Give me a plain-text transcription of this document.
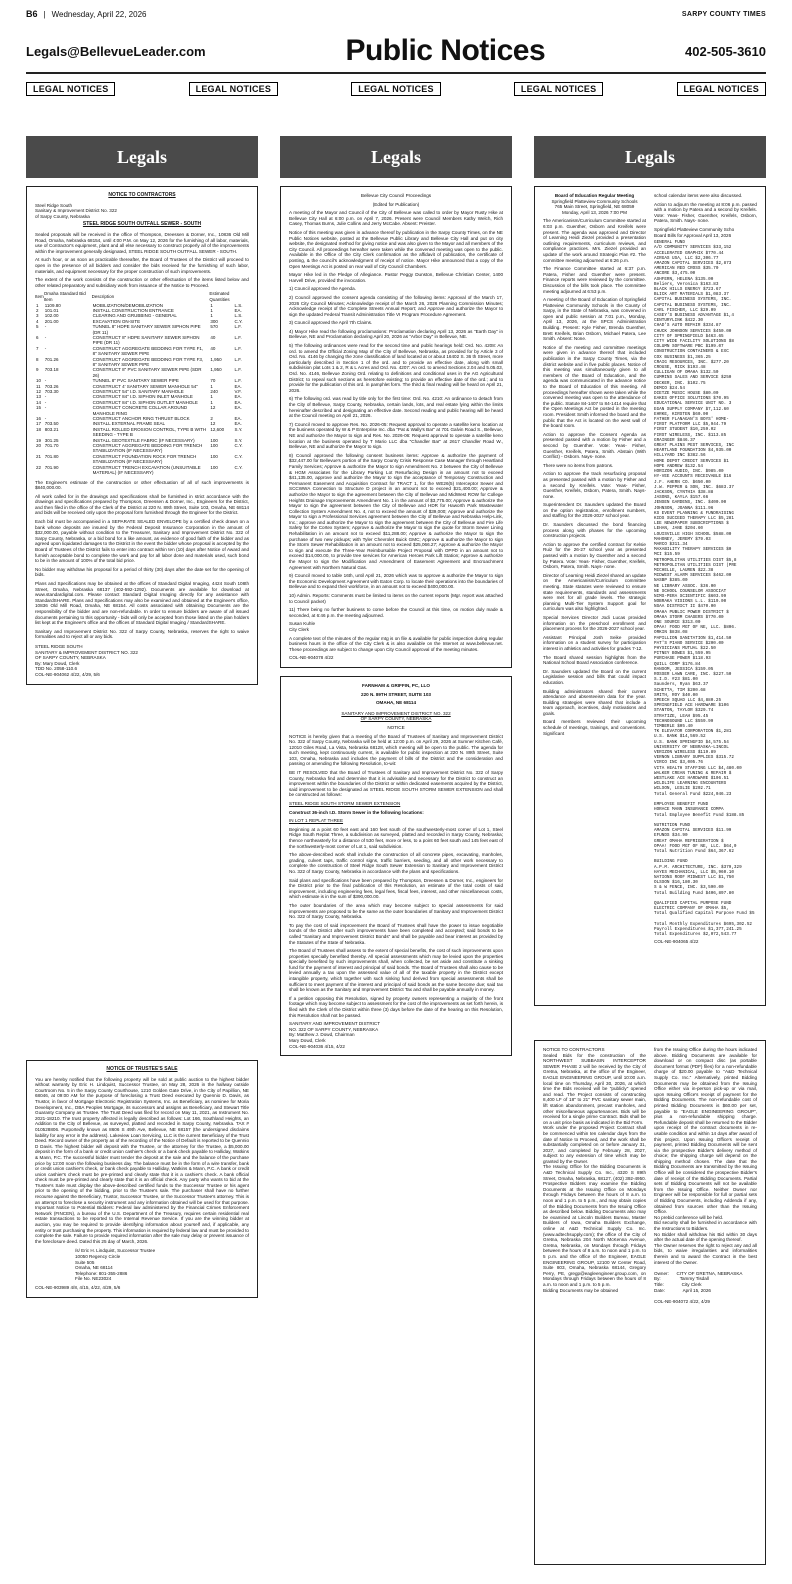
B6 | Wednesday, April 22, 2026	SARPY COUNTY TIMES
Legals@BellevueLeader.com	Public Notices	402-505-3610
LEGAL NOTICES	LEGAL NOTICES	LEGAL NOTICES	LEGAL NOTICES	LEGAL NOTICES
Legals
NOTICE TO CONTRACTORS
Steel Ridge South
Sanitary & Improvement District No. 322
of Sarpy County, Nebraska
STEEL RIDGE SOUTH OUTFALL SEWER - SOUTH

Sealed proposals will be received in the office of Thompson, Dreessen & Dorner, Inc., 10836 Old Mill Road, Omaha, Nebraska 68154, until 4:00 P.M. on May 12, 2026 for the furnishing of all labor, materials, use of Contractor's equipment, plant and all else necessary to construct properly all of the improvements within the improvement generally designated, STEEL RIDGE SOUTH OUTFALL SEWER - SOUTH.

At such hour, or as soon as practicable thereafter, the Board of Trustees of the District will proceed to open in the presence of all bidders and consider the bids received for the furnishing of such labor, materials, and equipment necessary for the proper construction of such improvements.

The extent of the work consists of the construction or other effectuation of the items listed below and other related preparatory and subsidiary work from issuance of the Notice to Proceed.

Item	Omaha Standard Bid Item	Description	Estimated Quantities	
1	1109.80	MOBILIZATION/DEMOBILIZATION	1	L.S.
2	101.01	INSTALL CONSTRUCTION ENTRANCE	1	EA.
3	102.00	CLEARING AND GRUBBING - GENERAL	1	L.S.
4	201.00	EXCAVATION ON-SITE	300	C.Y.
5	-	TUNNEL 8" HDPE SANITARY SEWER SIPHON PIPE (DR 11)	570	L.F.
6	-	CONSTRUCT 8" HDPE SANITARY SEWER SIPHON PIPE (DR 11)	40	L.F.
7	-	CONSTRUCT AGGREGATE BEDDING FOR TYPE F1, 8" SANITARY SEWER PIPE	40	L.F.
8	701.26	CONSTRUCT AGGREGATE BEDDING FOR TYPE F3, 8" SANITARY SEWER PIPE	1,950	L.F.
9	703.18	CONSTRUCT 8" PVC SANITARY SEWER PIPE (SDR 26)	1,950	L.F.
10	-	TUNNEL 8" PVC SANITARY SEWER PIPE	70	L.F.
11	703.26	CONSTRUCT 4' SANITARY SEWER MANHOLE 54"	1	EA.
12	703.30	CONSTRUCT 54" I.D. SANITARY MANHOLE	240	V.F.
13	-	CONSTRUCT 84" I.D. SIPHON INLET MANHOLE	1	EA.
14	-	CONSTRUCT 84" I.D. SIPHON OUTLET MANHOLE	1	EA.
15	-	CONSTRUCT CONCRETE COLLAR AROUND MANHOLE RING	12	EA.
16	-	CONSTRUCT ANCHOR RING THRUST BLOCK	2	EA.
17	703.50	INSTALL EXTERNAL FRAME SEAL	12	EA.
18	803.21	INSTALL ROLLED EROSION CONTROL, TYPE B WITH SEEDING - TYPE B	12,600	S.Y.
19	301.25	INSTALL GEOTEXTILE FABRIC (IF NECESSARY)	100	S.Y.
20	701.70	CONSTRUCT AGGREGATE BEDDING FOR TRENCH STABILIZATION (IF NECESSARY)	100	C.Y.
21	701.80	CONSTRUCT FOUNDATION ROCK FOR TRENCH STABILIZATION (IF NECESSARY)	100	C.Y.
22	701.90	CONSTRUCT TRENCH EXCAVATION (UNSUITABLE MATERIAL) (IF NECESSARY)	100	C.Y.

The Engineer's estimate of the construction or other effectuation of all of such improvements is $840,000.00.

All work called for in the drawings and specifications shall be furnished in strict accordance with the drawings and specifications prepared by Thompson, Dreessen & Dorner, Inc., Engineers for the District, and then filed in the office of the Clerk of the District at 220 N. 89th Street, Suite 103, Omaha, NE 68114 and bids will be received only upon the proposal form furnished through the Engineer for the District.

Each bid must be accompanied in a SEPARATE SEALED ENVELOPE by a certified check drawn on a bank whose deposits are insured by the Federal Deposit Insurance Corporation in the amount of $32,000.00, payable without condition to the Treasurer, Sanitary and Improvement District No. 322 of Sarpy County, Nebraska, or a bid bond for a like amount, as evidence of good faith of the bidder and as agreed upon liquidated damages to the District in the event the bidder whose proposal is accepted by the Board of Trustees of the District fails to enter into contract within ten (10) days after Notice of Award and furnish acceptable bond to complete the work and pay for all labor done and materials used, such bond to be in the amount of 100% of the total bid price.

No bidder may withdraw his proposal for a period of thirty (30) days after the date set for the opening of bids.

Plans and Specifications may be obtained at the offices of Standard Digital Imaging, 4424 South 108th Street, Omaha, Nebraska 68137 (402-592-1292). Documents are available for download at www.standardigital.com. Please contact Standard Digital Imaging directly for any assistance with StandardSHARE. Plans and Specifications may also be examined and obtained at the Engineer's office, 10836 Old Mill Road, Omaha, NE 68154. All costs associated with obtaining Documents are the responsibility of the bidder and are non-refundable. In order to ensure bidders are aware of all issued documents pertaining to this opportunity - bids will only be accepted from those listed on the plan holders list kept at the Engineer's office and the offices of Standard Digital Imaging / StandardSHARE.

Sanitary and Improvement District No. 322 of Sarpy County, Nebraska, reserves the right to waive formalities and to reject all or any bids.

STEEL RIDGE SOUTH
SANITARY & IMPROVEMENT DISTRICT NO. 322
OF SARPY COUNTY, NEBRASKA
By: Mary Dowd, Clerk
TDD No. 2058-110.6
COL-NE-904062 4/22, 4/29, 5/6
NOTICE OF TRUSTEE'S SALE

You are hereby notified that the following property will be sold at public auction to the highest bidder without warranty by Eric H. Lindquist, Successor Trustee, on May 28, 2026 in the hallway outside Courtroom No. 5 in the Sarpy County Courthouse, 1210 Golden Gate Drive, in the City of Papillion, NE 68046, at 09:00 AM for the purpose of foreclosing a Trust Deed executed by Quennio D. Davis, as Trustor, in favor of Mortgage Electronic Registration Systems, Inc. as Beneficiary, as nominee for Moria Development, Inc., DBA Peoples Mortgage, its successors and assigns as Beneficiary, and Stewart Title Guaranty Company as Trustee. The Trust Deed was filed for record on May 11, 2021, as Instrument No. 2021-18210. The trust property affected is legally described as follows: Lot 166, Southland Heights, an Addition to the City of Bellevue, as surveyed, platted and recorded in Sarpy County, Nebraska. TAX # 010528806. Purportedly known as 8606 S 49th Ave, Bellevue, NE 68157 (the undersigned disclaims liability for any error in the address). Lakeview Loan Servicing, LLC is the current Beneficiary of the Trust Deed. Record owner of the property as of the recording of the Notice of Default is reported to be Quennio D Davis. The highest bidder will deposit with the Trustee, or the attorney for the Trustee, a $5,000.00 deposit in the form of a bank or credit union cashier's check or a bank check payable to Halliday, Watkins & Mann, P.C. The successful bidder must tender the deposit at the sale and the balance of the purchase price by 12:00 noon the following business day. The balance must be in the form of a wire transfer, bank or credit union cashier's check, or bank check payable to Halliday, Watkins & Mann, P.C. A bank or credit union cashier's check must be pre-printed and clearly state that it is a cashier's check. A bank official check must be pre-printed and clearly state that it is an official check. Any party who wants to bid at the Trustee's Sale must display the above-described certified funds to the Successor Trustee or his agent prior to the opening of the bidding, prior to the Trustee's sale. The purchaser shall have no further recourse against the Beneficiary, Trustor, Successor Trustee, or the Successor Trustee's attorney. This is an attempt to foreclose a security instrument and any information obtained will be used for that purpose. Important Notice to Potential Bidders: Federal law administered by the Financial Crimes Enforcement Network (FINCEN), a bureau of the U.S. Department of the Treasury, requires certain residential real estate transactions to be reported to the Internal Revenue Service. If you are the winning bidder at auction, you may be required to provide identifying information about yourself and, if applicable, any entity or trust purchasing the property. This information is required by federal law and must be provided to complete the sale. Failure to provide required information after the sale may delay or prevent issuance of the foreclosure deed. Dated this 25 day of March, 2026.

/s/ Eric H. Lindquist, Successor Trustee
10050 Regency Circle
Suite 505
Omaha, NE 68114
Telephone: 801-355-2886
File No. NE23024
COL-NE-903989 4/8, 4/15, 4/22, 4/29, 5/6
Legals
Bellevue City Council Proceedings
(Edited for Publication)

A meeting of the Mayor and Council of the City of Bellevue was called to order by Mayor Rusty Hike at Bellevue City Hall at 6:00 p.m. on April 7, 2026. Present were Council Members Kathy Welch, Rich Casey, Thomas Burns, Julie Collins and Jerry McCabe. Absent: Preister.

Notice of this meeting was given in advance thereof by publication in the Sarpy County Times, on the NE Public Notices website, posted at the Bellevue Public Library and Bellevue City Hall and put on city website, the designated method for giving notice and was also given to the Mayor and all members of the City Council. All proceedings hereafter were taken while the convened meeting was open to the public. Available in the Office of the City Clerk confirmation as the affidavit of publication, the certificate of posting, & the council's acknowledgment of receipt of notice. Mayor Hike announced that a copy of the Open Meetings Act is posted on rear wall of City Council Chambers.

Mayor Hike led in the Pledge of Allegiance. Pastor Peggy Dunston, Bellevue Christian Center, 1400 Harvell Drive, provided the invocation.

1) Council approved the Agenda.

2) Council approved the consent agenda consisting of the following items: Approval of the March 17, 2026 City Council Minutes; Acknowledge receipt of the March 26, 2026 Planning Commission Minutes; Acknowledge receipt of the Complete Streets Annual Report; and Approve and authorize the Mayor to sign the updated Federal Transit Administration Title VI Program Procedure Agreement.

3) Council approved the April 7th Claims.

4) Mayor Hike read the following proclamations: Proclamation declaring April 13, 2026 as "Earth Day" in Bellevue, NE and Proclamation declaring April 20, 2026 as "Arbor Day" in Bellevue, NE.

5) The following ordinances were read for the second time and public hearings held: Ord. No. 4208: An ord. to amend the Official Zoning Map of the City of Bellevue, Nebraska, as provided for by Article 3 of Ord. No. 4146 by changing the zone classification of land located at or about 16402 S. 36 th Street, more particularly described in Section 1 of the ord. and to provide an effective date, along with small subdivision plat Lots 1 & 2, R & L Acres and Ord. No. 4207: An ord. to amend Sections 2.04 and 5.05.03, Ord. No. 4146, Bellevue Zoning Ord. relating to definitions and conditional uses in the AG Agricultural District; to repeal such sections as heretofore existing; to provide an effective date of the ord.; and to provide for the publication of this ord. in pamphlet form. The third & final reading will be heard on April 21, 2026.

6) The following ord. was read by title only for the first time: Ord. No. 4210: An ordinance to detach from the City of Bellevue, Sarpy County, Nebraska, certain lands, lots, and real estate lying within the limits hereinafter described and designating an effective date. Second reading and public hearing will be heard at the Council meeting on April 21, 2026.

7) Council moved to approve Res. No. 2026-05: Request approval to operate a satellite keno location at the business operated by W & P Enterprise Inc. dba "Pat & Wally's Bar" at 701 Galvin Road S., Bellevue, NE and authorize the Mayor to sign and Res. No. 2026-06: Request approval to operate a satellite keno location at the business operated by T Mario LLC dba "Chandler Bar" at 2617 Chandler Road W., Bellevue, NE and authorize the Mayor to sign.

8) Council approved the following consent business items: Approve & authorize the payment of $32,447.00 for Bellevue's portion of the Sarpy County Crisis Response Case Manager through Heartland Family Services; Approve & authorize the Mayor to sign Amendment No. 2 between the City of Bellevue & HGM Associates for the Library Parking Lot Resurfacing Design in an amount not to exceed $41,135.00, approve and authorize the Mayor to sign the acceptance of Temporary Construction and Permanent Easement and Acquisition Contract for TRACT 1, for the WE26(5) Interceptor Sewer and SCCWWA Connection to Structure D project in an amount not to exceed $21,400.00; Approve & authorize the Mayor to sign the agreement between the City of Bellevue and MidWest ROW for College Heights Drainage Improvements Amendment No. 1 in the amount of $3,775.00; Approve & authorize the Mayor to sign the agreement between the City of Bellevue and HDR for Haworth Park Wastewater Collection System Amendment No. 4, not to exceed the amount of $39,000; Approve and authorize the Mayor to sign a Professional Services agreement between the City of Bellevue and Nebraska Help-Link, Inc.; approve and authorize the Mayor to sign the agreement between the City of Bellevue and Fire Life Safety for the Cortex System; Approve & authorize the Mayor to sign the quote for Storm Sewer Lining Rehabilitation in an amount not to exceed $11,288.00; Approve & authorize the Mayor to sign the purchase of two new pickups; with Tyler Chevrolet Buick GMC; Approve & authorize the Mayor to sign the Storm Sewer Rehabilitation in an amount not to exceed $25,066.27; Approve & authorize the Mayor to sign and execute the Three-Year Reimbursable Project Proposal with OPPD in an amount not to exceed $14,000.00, to provide tree services for American Heroes Park Lift Station; Approve & authorize the Mayor to sign the Modification and Amendment of Easement Agreement and Encroachment Agreement with Northern Natural Gas.

9) Council moved to table 16th, until April 21, 2026 which was to approve & authorize the Mayor to sign the Economic Development Agreement with Eaton Corp. to locate their operations into the boundaries of Bellevue and to expand their workforce, in an amount not to exceed $400,000.00.

10) Admin. Reports: Comments must be limited to items on the current reports (Mgr. report was attached to Council packet)

11) There being no further business to come before the Council at this time, on motion duly made & seconded, at 6:46 p.m. the meeting adjourned.

Susan Kuhle
City Clerk

A complete text of the minutes of the regular mtg is on file & available for public inspection during regular business hours in the office of the City Clerk & is also available on the Internet at www.bellevue.net. These proceedings are subject to change upon City Council approval of the meeting minutes.

COL-NE-904078 4/22
FARNHAM & GRIFFIN, PC, LLO
220 N. 89TH STREET, SUITE 103
OMAHA, NE 68114
SANITARY AND IMPROVEMENT DISTRICT NO. 322
OF SARPY COUNTY, NEBRASKA
NOTICE

NOTICE is hereby given that a meeting of the Board of Trustees of Sanitary and Improvement District No. 322 of Sarpy County, Nebraska will be held at 12:00 p.m. on April 29, 2026 at Sumner Kitchen Café, 12010 Giles Road, La Vista, Nebraska 68128, which meeting will be open to the public. The agenda for such meeting, kept continuously current, is available for public inspection at 220 N. 89th Street, Suite 103, Omaha, Nebraska and includes the payment of bills of the District and the consideration and passing or amending the following Resolution, to-wit:

BE IT RESOLVED that the Board of Trustees of Sanitary and Improvement District No. 322 of Sarpy County, Nebraska find and determine that it is advisable and necessary for the District to construct an improvement within the boundaries of the District or within dedicated easements acquired by the District, said improvement to be designated as STEEL RIDGE SOUTH STORM SEWER EXTENSION and shall be constructed as follows:

STEEL RIDGE SOUTH STORM SEWER EXTENSION

Construct 36-inch I.D. Storm Sewer in the following locations:

IN LOT 1 REPLAT THREE

Beginning at a point 60 feet east and 160 feet south of the southwesterly-most corner of Lot 1, Steel Ridge South Replat Three, a subdivision as surveyed, platted and recorded in Sarpy County, Nebraska; thence northeasterly for a distance of 530 feet, more or less, to a point 60 feet south and 145 feet east of the northwesterly-most corner of Lot 1, said subdivision.

The above-described work shall include the construction of all concrete pipes, excavating, manholes, grading, culvert taps, traffic control signs, traffic barriers, seeding, and all other work necessary to complete the construction of Steel Ridge South Sewer Extension to Sanitary and Improvement District No. 322 of Sarpy County, Nebraska in accordance with the plans and specifications.

Said plans and specifications have been prepared by Thompson, Dreessen & Dorner, Inc., engineers for the District prior to the final publication of this Resolution, an estimate of the total costs of said improvement, including engineering fees, legal fees, fiscal fees, interest, and other miscellaneous costs, which estimate is in the sum of $390,000.00.

The outer boundaries of the area which may become subject to special assessments for said improvements are proposed to be the same as the outer boundaries of Sanitary and Improvement District No. 322 of Sarpy County, Nebraska.

To pay the cost of said improvement the Board of Trustees shall have the power to issue negotiable bonds of the District after such improvements have been completed and accepted; said bonds to be called "Sanitary and Improvement District Bonds" and shall be payable and bear interest as provided by the Statutes of the State of Nebraska.

The Board of Trustees shall assess to the extent of special benefits, the cost of such improvements upon properties specially benefited thereby. All special assessments which may be levied upon the properties specially benefited by such improvements shall, when collected, be set aside and constitute a sinking fund for the payment of interest and principal of said bonds. The Board of Trustees shall also cause to be levied annually a tax upon the assessed value of all of the taxable property in the District except intangible property, which together with such sinking fund derived from special assessments shall be sufficient to meet payment of the interest and principal of said bonds as the same become due; said tax shall be known as the Sanitary and Improvement District Tax and shall be payable annually in money.

If a petition opposing this Resolution, signed by property owners representing a majority of the front footage which may become subject to assessment for the cost of the improvements as set forth herein, is filed with the Clerk of the District within three (3) days before the date of the hearing on this Resolution, this Resolution shall not be passed.

SANITARY AND IMPROVEMENT DISTRICT
NO. 322 OF SARPY COUNTY, NEBRASKA
By: Matthew J. Dowd, Chairman
Mary Dowd, Clerk
COL-NE-904036 4/15, 4/22
Legals
Board of Education Regular Meeting
Springfield Platteview Community Schools
765 Main Street, Springfield, NE 68059
Monday, April 13, 2026 7:00 PM

The Americanism/Curriculum Committee started at 6:03 p.m. Guenther, Osborn and Kreifels were present. The agenda was approved and Director of Learning Heidi Ziezel provided a presentation outlining requirements, curriculum reviews, and compliance practices. Mrs. Ziezel provided an update of the work around Strategic Plan #2. The committee meeting adjourned at 6:26 p.m.

The Finance Committee started at 6:37 p.m. Patera, Fisher and Guenther were present. Finance reports were reviewed by the committee. Discussion of the bills took place. The committee meeting adjourned at 6:53 p.m.

A meeting of the Board of Education of Springfield Platteview Community Schools in the County of Sarpy, in the State of Nebraska, was convened in open and public session at 7:01 p.m., Monday, April 13, 2026, at the SPCS Administration Building. Present: Kyle Fisher, Brenda Guenther, Brett Kreifels, Brian Osborn, Michael Patera, Lee Smith. Absent: None.

Notice of the meeting and committee meetings were given in advance thereof that included publication in the Sarpy County Times, via the district website and in five public places. Notice of this meeting was simultaneously given to all members of the Board of Education, and the agenda was communicated in the advance notice to the Board of Education of this meeting. All proceedings hereafter shown were taken while the convened meeting was open to the attendance of the public. Statute 84-1407 to 84-1414 require that the Open Meetings Act be posted in the meeting room. President Smith informed the board and the public that the Act is located on the west wall of the board room.

Action to approve the Consent Agenda as presented passed with a motion by Fisher and a second by Guenther. Vote: Yeas- Fisher, Guenther, Kreifels, Patera, Smith. Abstain (With Conflict) - Osborn. Nays- none.

There were no items from patrons.

Action to approve the track resurfacing proposal as presented passed with a motion by Fisher and a second by Kreifels. Vote: Yeas- Fisher, Guenther, Kreifels, Osborn, Patera, Smith. Nays- none.

Superintendent Dr. Saunders updated the Board on the option registration, enrollment numbers, and staffing for the 2026-2027 school year.

Dr. Saunders discussed the bond financing process along with phases for the upcoming construction projects.

Action to approve the certified contract for Kelsie Ruiz for the 26-27 school year as presented passed with a motion by Guenther and a second by Patera. Vote: Yeas- Fisher, Guenther, Kreifels, Osborn, Patera, Smith. Nays- none.

Director of Learning Heidi Ziezel shared an update on the Americanism/Curriculum committee meeting. State statutes were reviewed to ensure state requirements, standards and assessments were met for all grade levels. The strategic planning Multi-Tier System Support goal for curriculum was also highlighted.

Special Services Director Jodi Lucas provided information on the preschool enrollment and placement process for the 2026-2027 school year.

Assistant Principal Josh Seike provided information on a student survey for participation interest in athletics and activities for grades 7-12.

The Board shared session highlights from the National School Board Association conference.

Dr. Saunders updated the Board on the current Legislative session and bills that could impact education.

Building administrators shared their current attendance and absenteeism data for the year. Building strategies were shared that include a team approach, incentives, daily motivations and goals.

Board members reviewed their upcoming schedule of meetings, trainings, and conventions. Significant

school calendar items were also discussed.

Action to adjourn the meeting at 8:06 p.m. passed with a motion by Patera and a second by Kreifels. Vote: Yeas- Fisher, Guenther, Kreifels, Osborn, Patera, Smith. Nays- none.

Springfield Platteview Community Scho
Board Bills for Approval April 13, 2026
GENERAL FUND
A/D COMMUNITY SERVICES $33,152
ACCELERATED GRAPHIX $770.44
AIRGAS USA, LLC $2,306.77
AMAZON CAPITAL SERVICES $2,873
AMERICAN RED CROSS $35.70
ANCORE $3,475.00
ASHFERN, HELENA $135.00
Beliers, Veronica $163.83
BLACK HILLS ENERGY $723.67
BLICK ART MATERIALS $1,083.37
CAPITAL BUSINESS SYSTEMS, INC.
CAPITAL BUSINESS SYSTEMS, INC.
CARL FISCHER, LLC $29.09
CASEY'S BUSINESS ADVANTAGE $1,4
CENTURYLINK $422.30
CHAD'S AUTO REPAIR $334.87
CHUCK JOHNSON SERVICES $450.00
CITY OF SPRINGFIELD $463.65
CITY WIDE FACILITY SOLUTIONS $8
COLUMN SOFTWARE PBC $199.07
CONSTRUCTION CONTAINERS & EXC
COX BUSINESS $1,365.25
CRAIG RESOURCES, INC. $277.20
CROUSE, RICK $193.48
CULLIGAN OF OMAHA $132.50
CUMMINS SALES AND SERVICE $250
DECKER, INC. $102.75
DEMCO $24.54
DIETZE MUSIC HOUSE $80.00
EAKES OFFICE SOLUTIONS $70.95
EDUCATIONAL SERVICE UNIT NO. 3
EGAN SUPPLY COMPANY $7,112.60
EHRKE, KIRSTEN $60.00
FATHER FLANAGAN'S BOYS' HOME-
FIRST PLATFORM LLC $5,944.79
FIRST STUDENT $10,259.02
FIRST WIRELESS, INC. $113.85
GRAINGER $846.37
GREAT PLAINS PEST SERVICES, INC
HEARTLAND FOUNDATION $4,935.00
HILLYARD INC $382.56
HOME DEPOT CREDIT SERVICES $1
HOPE ANDREW $132.54
HORIZON AUDIO, INC. $985.00
HY-VEE ACCOUNTS RECEIVABLE $16
J.F. AHERN CO. $650.00
J.W. PEPPER & SON, INC. $683.37
JACKSON, CYNTHIA $38.88
JASONS, KAYLA $157.66
JENSEN GARDENS, INC. $400.00
JOHNSON, JOANNA $111.96
KS EVENT PLANNING & FUNDRAISING
KIDS SUCCEED THERAPY LLC $5,281
LEE NEWSPAPER SUBSCRIPTIONS $
LEHAN, JANE $204.60
LOUISVILLE HIGH SCHOOL $588.00
MAHONEY, JEREMY $79.03
MARCO $311.34
MAXABILITY THERAPY SERVICES $0
MCI $15.59
METROPOLITAN UTILITIES DIST $5,8
METROPOLITAN UTILITIES DIST (PRE
MICHELLE, LAUREN $22.38
MIDWEST ALARM SERVICES $462.00
NASBP $385.00
NE LIBRARY ASSOC. $36.00
NE SCHOOL COUNSELOR ASSOCIAT
NIMS-PERA SCIENTIFIC $603.99
NOBRAKA VISIONS L.L. $119.00
NSAA DISTRICT II $470.00
OMAHA PUBLIC POWER DISTRICT $
OMAHA STORM CHASERS $770.00
ONE SOURCE $313.00
OPAA! FOOD MGT OF NE, LLC. $806.
ORKIN $838.08
PAPILLION SANITATION $1,414.50
PAT'S PIANO SERVICE $200.00
PHYSICIANS MUTUAL $22.50
PITNEY BOWES $1,559.95
PURCHASE POWER $118.93
QUILL CORP $176.84
RANSOM, JESSICA $159.05
ROSSER LAWN CARE, INC. $227.50
S.I.D. #23 $81.00
Saunders, Ryan $63.37
SCHETTA, TIM $200.68
SMITH, ROY $40.00
SPEECH SQUAD LLC $4,880.25
SPRINGFIELD ACE HARDWARE $106
STANTON, TAYLOR $329.74
STRATIZE, LEAH $95.45
TECHNOSOUND LLC $559.99
TIMBERLE $05.40
TK ELEVATOR CORPORATION $1,281
U.S. BANK $14,569.52
U.S. BANK SPRINGFID $4,575.54
UNIVERSITY OF NEBRASKA-LINCOL
VERIZON WIRELESS $119.89
VERNON LIBRARY SUPPLIES $315.72
VIRCO INC $3,005.76
VITA HEALTH STAFFING LLC $4,480.00
WALKER CREAN TUNING & REPAIR $
WESTLAKE ACE HARDWARE $106.51
WILDLIFE LEARNING ENCOUNTERS
WILSON, LESLIE $202.71
Total General Fund $224,046.23

EMPLOYEE BENEFIT FUND
HORACE MANN INSURANCE COMPA
Total Employee Benefit Fund $188.85

NUTRITION FUND
AMAZON CAPITAL SERVICES $11.99
EFUNDS $34.90
GREAT OMAHA REFRIGERATION $
OPAA! FOOD MGT OF NE, LLC. $64,0
Total Nutrition Fund $64,367.62

BUILDING FUND
A.P.M. ARCHITECTURE, INC. $379,329
HAYES MECHANICAL, LLC $5,960.10
NATIONS ROOF MIDWEST LLC $1,750
OLSSON $16,180.30
S & W FENCE, INC. $3,590.00
Total Building Fund $406,897.80

QUALIFIED CAPITAL PURPOSE FUND
ELECTRIC COMPANY OF OMAHA $5,
Total Qualified Capital Purpose Fund $5

Total Monthly Expenditures $695,302.52
Payroll Expenditures $1,377,241.25
Total Expenditures $2,072,543.77
COL-NE-904065 4/22
NOTICE TO CONTRACTORS
Sealed Bids for the construction of the NORTHWEST SUBBASIN INTERCEPTOR SEWER PHASE 2 will be received by the City of Gretna, Nebraska, at the office of the Engineer, EAGLE ENGINEERING GROUP, until 10:00 a.m. local time on Thursday, April 30, 2026, at which time the Bids received will be "publicly" opened and read. The Project consists of constructing 8,400 LF of 18" to 21" PVC sanitary sewer main, lift station abandonment, precast manholes, and other miscellaneous appurtenances. Bids will be received for a single prime Contract. Bids shall be on a unit price basis as indicated in the Bid Form.
Work under the proposed Project Contract shall be commenced within ten calendar days from the date of Notice to Proceed, and the work shall be substantially completed on or before January 31, 2027, and completed by February 28, 2027, subject to any extension of time which may be granted by the Owner.
The Issuing Office for the Bidding Documents is A&D Technical Supply Co. Inc., 4320 S 89th Street, Omaha, Nebraska, 68127, (402) 392-4950. Prospective Bidders may examine the Bidding Documents at the Issuing Office on Mondays through Fridays between the hours of 8 a.m. to noon and 1 p.m. to 5 p.m., and may obtain copies of the Bidding Documents from the Issuing Office as described below. Bidding Documents also may be examined at Lincoln Builders Bureau, Master Builders of Iowa, Omaha Builders Exchange, online at A&D Technical Supply Co. Inc. (www.adtechsupply.com); the office of the City of Gretna, Nebraska 204 North McKenna Avenue, Gretna, Nebraska, on Mondays through Fridays between the hours of 8 a.m. to noon and 1 p.m. to 5 p.m. and the office of the Engineer, EAGLE ENGINEERING GROUP, 12100 W Center Road, Suite 803, Omaha, Nebraska 68144, Gregory Perry, PE, gregp@eagleengineer.group.com, on Mondays through Fridays between the hours of 8 a.m. to noon and 1 p.m. to 5 p.m.
Bidding Documents may be obtained
from the Issuing Office during the hours indicated above. Bidding Documents are available for download or on compact disc (as portable document format (PDF) files) for a non-refundable charge of $20.00 payable to "A&D Technical Supply Co. Inc." Alternatively, printed Bidding Documents may be obtained from the Issuing Office either via in-person pick-up or via mail, upon Issuing Office's receipt of payment for the Bidding Documents. The non-refundable cost of printed Bidding Documents is $60.00 per set, payable to "EAGLE ENGINEERING GROUP", plus a non-refundable shipping charge. Refundable deposit shall be returned to the Bidder upon receipt of the contract documents in re-usable condition and within 14 days after award of this project. Upon Issuing Office's receipt of payment, printed Bidding Documents will be sent via the prospective Bidder's delivery method of choice; the shipping charge will depend on the shipping method chosen. The date that the Bidding Documents are transmitted by the Issuing Office will be considered the prospective Bidder's date of receipt of the Bidding Documents. Partial sets of Bidding Documents will not be available from the Issuing Office. Neither Owner nor Engineer will be responsible for full or partial sets of Bidding Documents, including Addenda if any, obtained from sources other than the Issuing Office.
No prebid conference will be held.
Bid security shall be furnished in accordance with the Instructions to Bidders.
No Bidder shall withdraw his Bid within 30 days after the actual date of the opening thereof.
The Owner reserves the right to reject any and all bids, to waive irregularities and informalities therein and to award the Contract in the best interest of the Owner.

Owner:      CITY OF GRETNA, NEBRASKA
By:               Tammy Tisdall
Title:              City Clerk
Date:              April 15, 2026

COL-NE-904072 4/22, 4/29
